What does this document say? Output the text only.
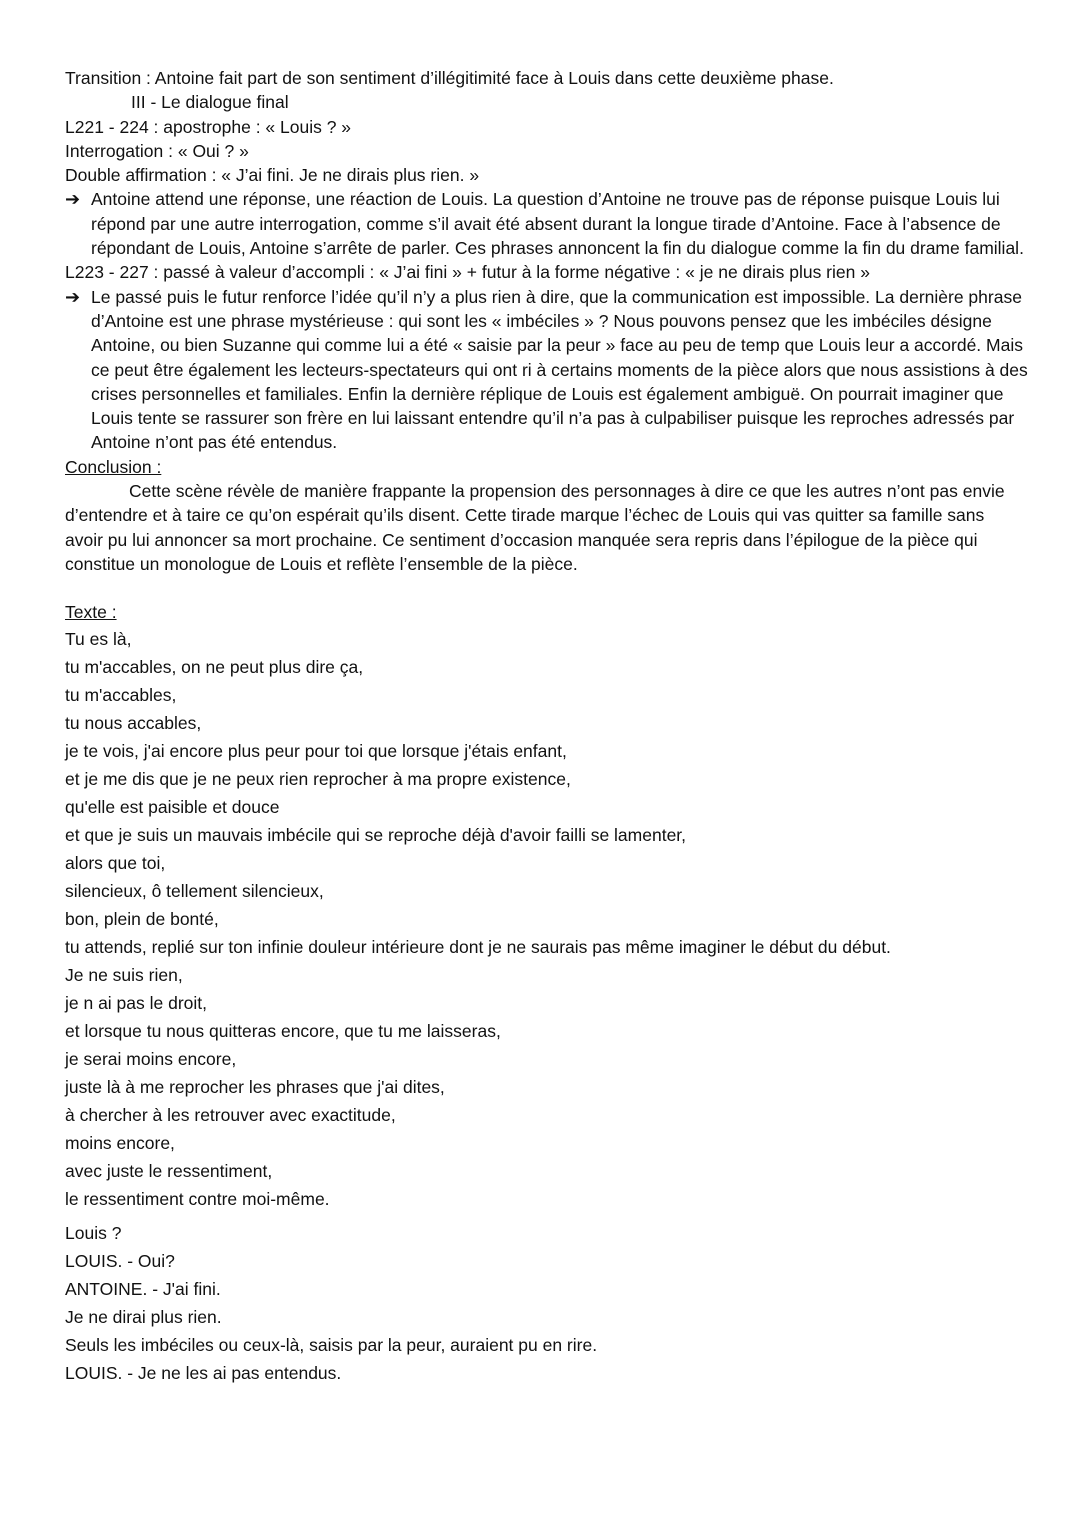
Transition : Antoine fait part de son sentiment d’illégitimité face à Louis dans cette deuxième phase.
III - Le dialogue final
L221 - 224 : apostrophe : « Louis ? »
Interrogation : « Oui ? »
Double affirmation : « J’ai fini. Je ne dirais plus rien. »
➔ Antoine attend une réponse, une réaction de Louis. La question d’Antoine ne trouve pas de réponse puisque Louis lui répond par une autre interrogation, comme s’il avait été absent durant la longue tirade d’Antoine. Face à l’absence de répondant de Louis, Antoine s’arrête de parler. Ces phrases annoncent la fin du dialogue comme la fin du drame familial.
L223 - 227 : passé à valeur d’accompli : « J’ai fini » + futur à la forme négative : « je ne dirais plus rien »
➔ Le passé puis le futur renforce l’idée qu’il n’y a plus rien à dire, que la communication est impossible. La dernière phrase d’Antoine est une phrase mystérieuse : qui sont les « imbéciles » ? Nous pouvons pensez que les imbéciles désigne Antoine, ou bien Suzanne qui comme lui a été « saisie par la peur » face au peu de temp que Louis leur a accordé. Mais ce peut être également les lecteurs-spectateurs qui ont ri à certains moments de la pièce alors que nous assistions à des crises personnelles et familiales. Enfin la dernière réplique de Louis est également ambiguë. On pourrait imaginer que Louis tente se rassurer son frère en lui laissant entendre qu’il n’a pas à culpabiliser puisque les reproches adressés par Antoine n’ont pas été entendus.
Conclusion :
Cette scène révèle de manière frappante la propension des personnages à dire ce que les autres n’ont pas envie d’entendre et à taire ce qu’on espérait qu’ils disent. Cette tirade marque l’échec de Louis qui vas quitter sa famille sans avoir pu lui annoncer sa mort prochaine. Ce sentiment d’occasion manquée sera repris dans l’épilogue de la pièce qui constitue un monologue de Louis et reflète l’ensemble de la pièce.
Texte :
Tu es là,
tu m'accables, on ne peut plus dire ça,
tu m'accables,
tu nous accables,
je te vois, j'ai encore plus peur pour toi que lorsque j'étais enfant,
et je me dis que je ne peux rien reprocher à ma propre existence,
qu'elle est paisible et douce
et que je suis un mauvais imbécile qui se reproche déjà d'avoir failli se lamenter,
alors que toi,
silencieux, ô tellement silencieux,
bon, plein de bonté,
tu attends, replié sur ton infinie douleur intérieure dont je ne saurais pas même imaginer le début du début.
Je ne suis rien,
je n ai pas le droit,
et lorsque tu nous quitteras encore, que tu me laisseras,
je serai moins encore,
juste là à me reprocher les phrases que j'ai dites,
à chercher à les retrouver avec exactitude,
moins encore,
avec juste le ressentiment,
le ressentiment contre moi-même.
Louis ?
LOUIS. - Oui?
ANTOINE. - J'ai fini.
Je ne dirai plus rien.
Seuls les imbéciles ou ceux-là, saisis par la peur, auraient pu en rire.
LOUIS. - Je ne les ai pas entendus.
